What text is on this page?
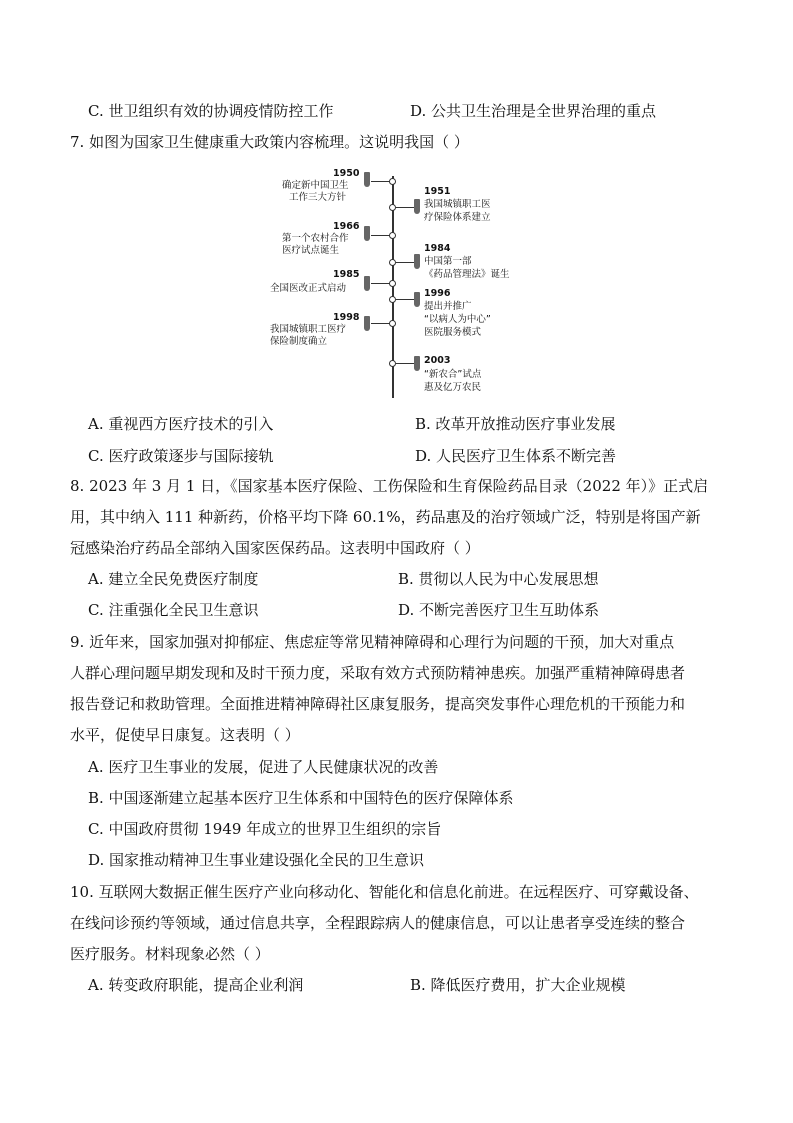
C. 世卫组织有效的协调疫情防控工作	D. 公共卫生治理是全世界治理的重点
7. 如图为国家卫生健康重大政策内容梳理。这说明我国（ ）
1950
确定新中国卫生
工作三大方针
1966
第一个农村合作
医疗试点诞生
1985
全国医改正式启动
1998
我国城镇职工医疗
保险制度确立
1951
我国城镇职工医
疗保险体系建立
1984
中国第一部
《药品管理法》诞生
1996
提出并推广
“以病人为中心”
医院服务模式
2003
“新农合”试点
惠及亿万农民
A. 重视西方医疗技术的引入	B. 改革开放推动医疗事业发展
C. 医疗政策逐步与国际接轨	D. 人民医疗卫生体系不断完善
8. 2023 年 3 月 1 日，《国家基本医疗保险、工伤保险和生育保险药品目录（2022 年）》正式启
用，其中纳入 111 种新药，价格平均下降 60.1%，药品惠及的治疗领域广泛，特别是将国产新
冠感染治疗药品全部纳入国家医保药品。这表明中国政府（ ）
A. 建立全民免费医疗制度	B. 贯彻以人民为中心发展思想
C. 注重强化全民卫生意识	D. 不断完善医疗卫生互助体系
9. 近年来，国家加强对抑郁症、焦虑症等常见精神障碍和心理行为问题的干预，加大对重点
人群心理问题早期发现和及时干预力度，采取有效方式预防精神患疾。加强严重精神障碍患者
报告登记和救助管理。全面推进精神障碍社区康复服务，提高突发事件心理危机的干预能力和
水平，促使早日康复。这表明（ ）
A. 医疗卫生事业的发展，促进了人民健康状况的改善
B. 中国逐渐建立起基本医疗卫生体系和中国特色的医疗保障体系
C. 中国政府贯彻 1949 年成立的世界卫生组织的宗旨
D. 国家推动精神卫生事业建设强化全民的卫生意识
10. 互联网大数据正催生医疗产业向移动化、智能化和信息化前进。在远程医疗、可穿戴设备、
在线问诊预约等领域，通过信息共享，全程跟踪病人的健康信息，可以让患者享受连续的整合
医疗服务。材料现象必然（ ）
A. 转变政府职能，提高企业利润	B. 降低医疗费用，扩大企业规模
